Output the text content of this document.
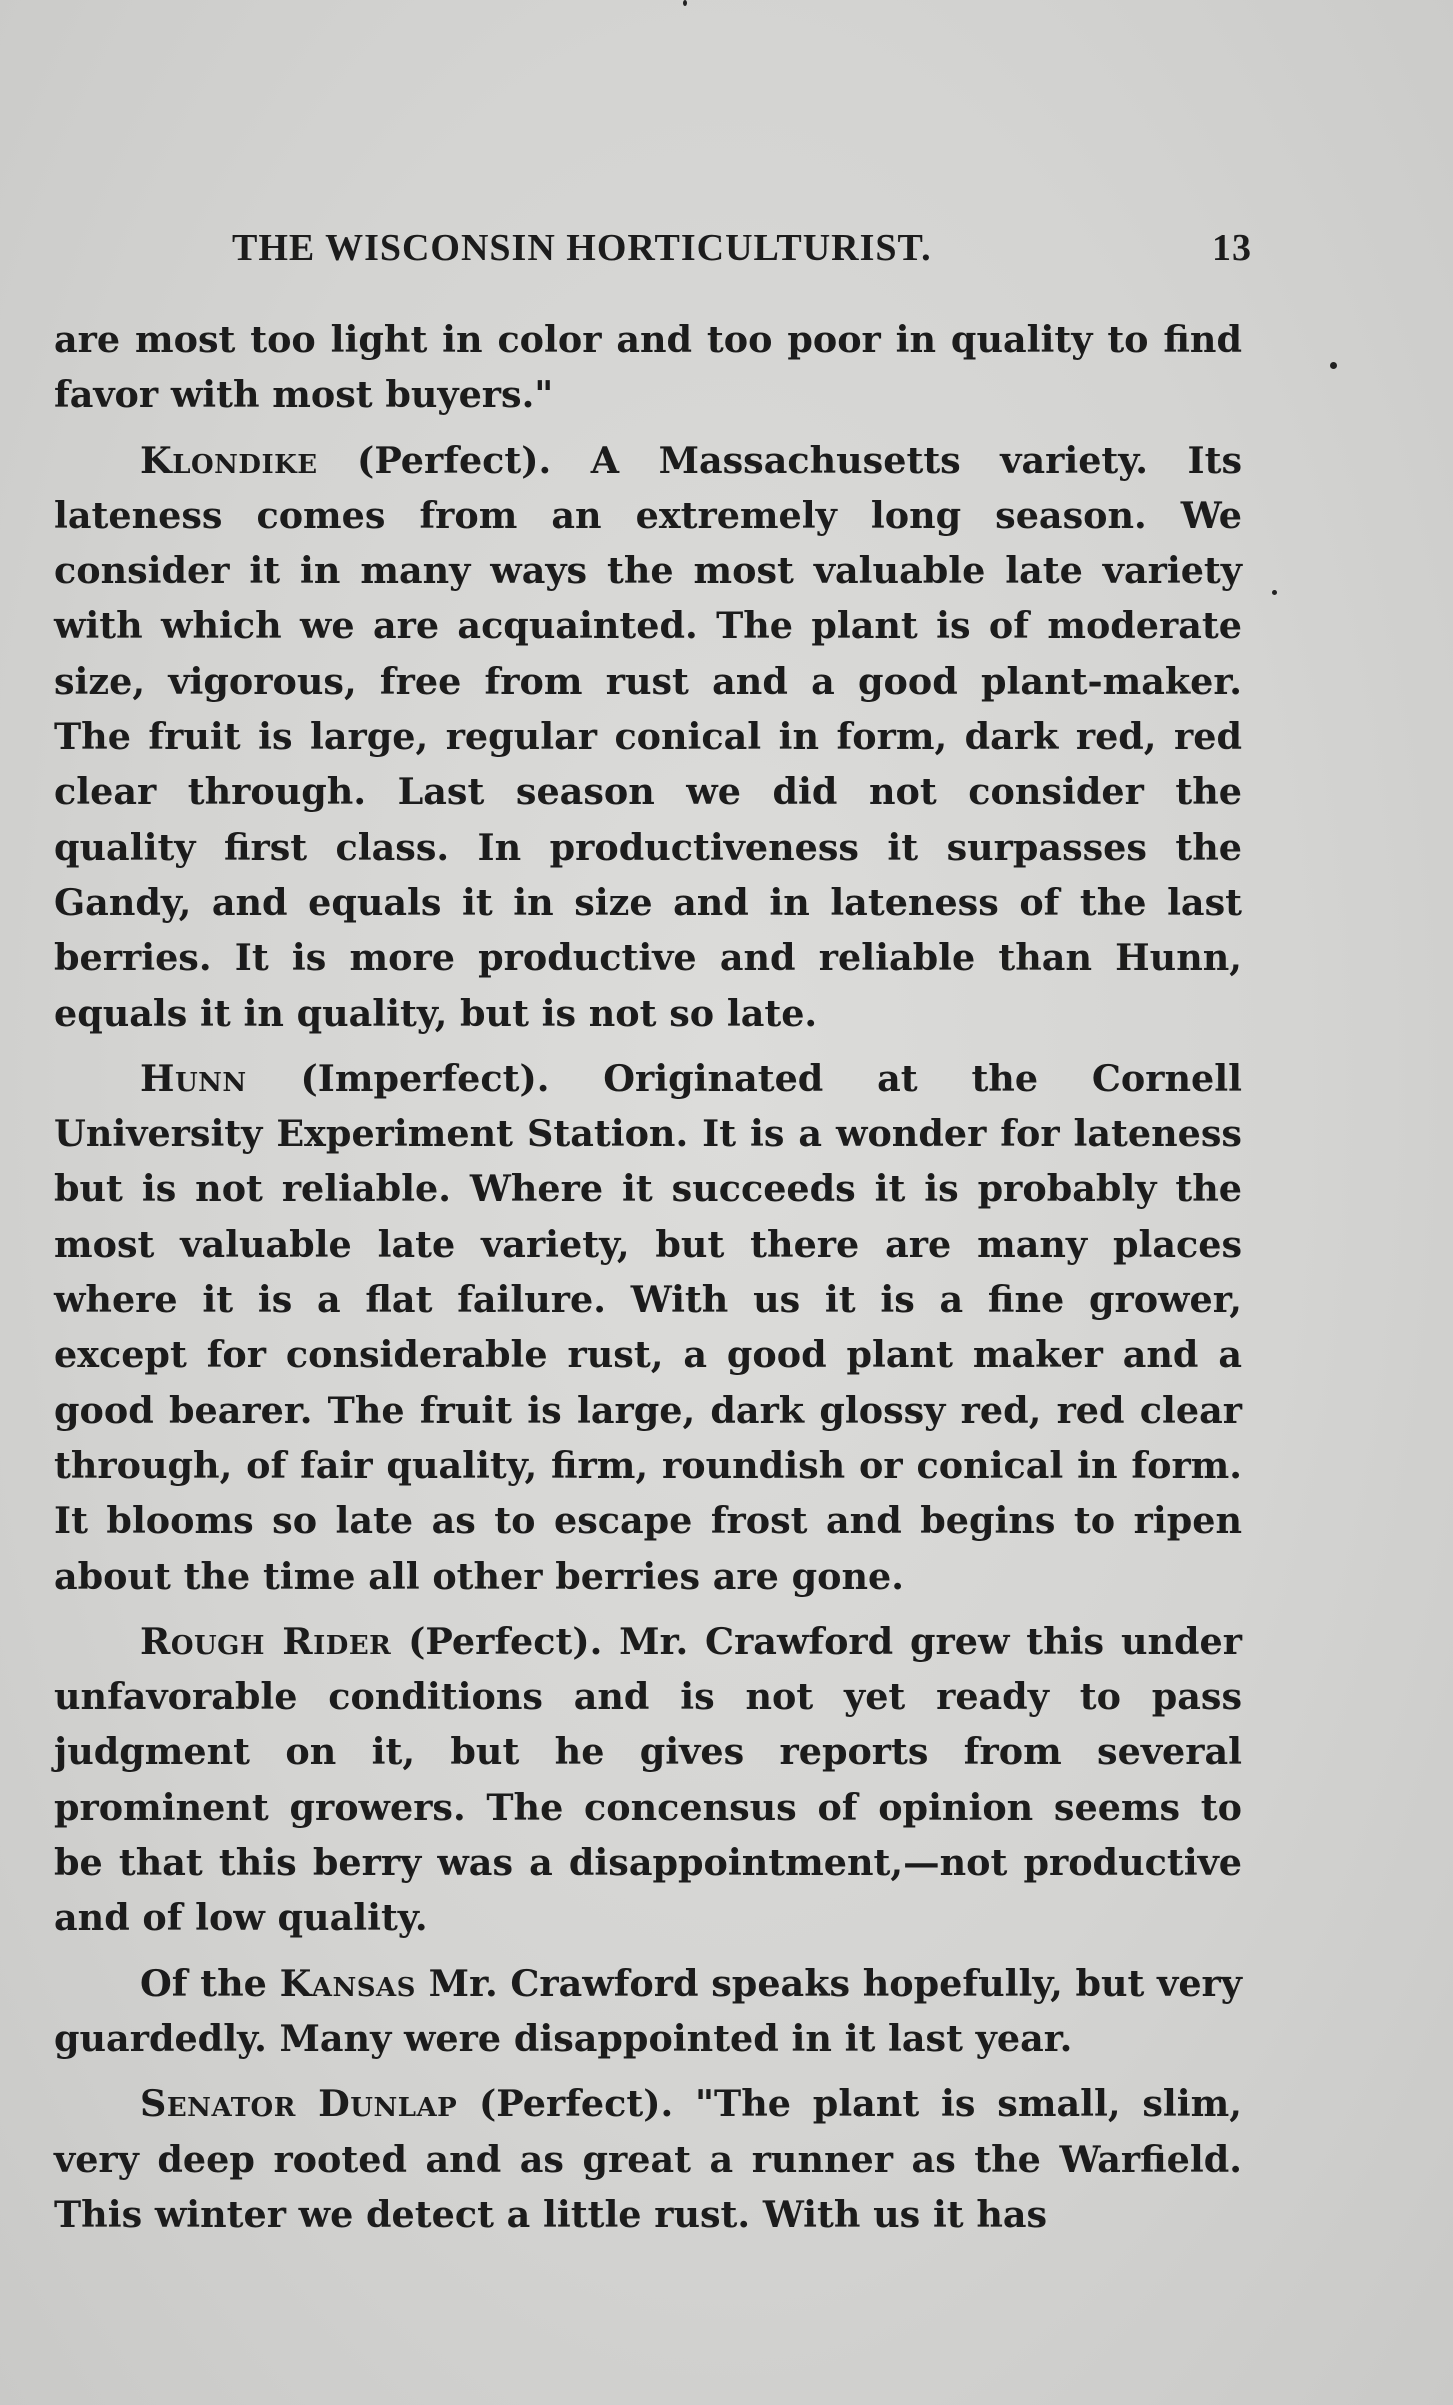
THE WISCONSIN HORTICULTURIST.	13

are most too light in color and too poor in quality to find favor with most buyers."

Klondike (Perfect). A Massachusetts variety. Its lateness comes from an extremely long season. We consider it in many ways the most valuable late variety with which we are acquainted. The plant is of moderate size, vigorous, free from rust and a good plant-maker. The fruit is large, regular conical in form, dark red, red clear through. Last season we did not consider the quality first class. In productiveness it surpasses the Gandy, and equals it in size and in lateness of the last berries. It is more productive and reliable than Hunn, equals it in quality, but is not so late.

Hunn (Imperfect). Originated at the Cornell University Experiment Station. It is a wonder for lateness but is not reliable. Where it succeeds it is probably the most valuable late variety, but there are many places where it is a flat failure. With us it is a fine grower, except for considerable rust, a good plant maker and a good bearer. The fruit is large, dark glossy red, red clear through, of fair quality, firm, roundish or conical in form. It blooms so late as to escape frost and begins to ripen about the time all other berries are gone.

Rough Rider (Perfect). Mr. Crawford grew this under unfavorable conditions and is not yet ready to pass judgment on it, but he gives reports from several prominent growers. The concensus of opinion seems to be that this berry was a disappointment,—not productive and of low quality.

Of the Kansas Mr. Crawford speaks hopefully, but very guardedly. Many were disappointed in it last year.

Senator Dunlap (Perfect). "The plant is small, slim, very deep rooted and as great a runner as the Warfield. This winter we detect a little rust. With us it has
